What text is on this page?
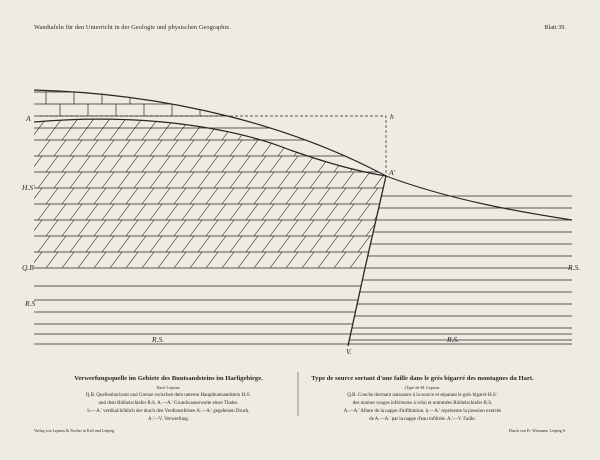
Wandtafeln für den Unterricht in der Geologie und physischen Geographie.	Blatt 39.
A
A'
h
H.S'
Q.B
R.S
R.S.	R.S.
R.S.
V.
Verwerfungsquelle im Gebiete des Buntsandsteins im Harligebirge.
Nach Lepsius.
Q.B. Quellenhorizont und Grenze zwischen dem unteren Hauptbuntsandstein H.S'.
und dem Röthelschiefer R.S. A.—A.' Grundwasserweite eines Thales.
h.—A.' vertikal/höhlich der durch den Verdienstfelsen A.—A.' gegebenen Druck.
A.'—V. Verwerfung.
Type de source sortant d'une faille dans le grès bigarré des montagnes du Hart.
(Type de M. Lepsius.
Q.B. Couche dormant naissance à la source et séparant le grès bigarré H.S'.
des marnes rouges inférieures à celui et nommées Röthelschiefer R.S.
A.—A.' Allure de la nappe d'infiltration. h.—A.' représente la pression exercée
de A.—A.' par la nappe d'eau infiltrée. A.'—V. Faille.
Verlag von Lepsius & Tischer in Kiel und Leipzig.	Druck von Fr. Wiemann, Leipzig S.
